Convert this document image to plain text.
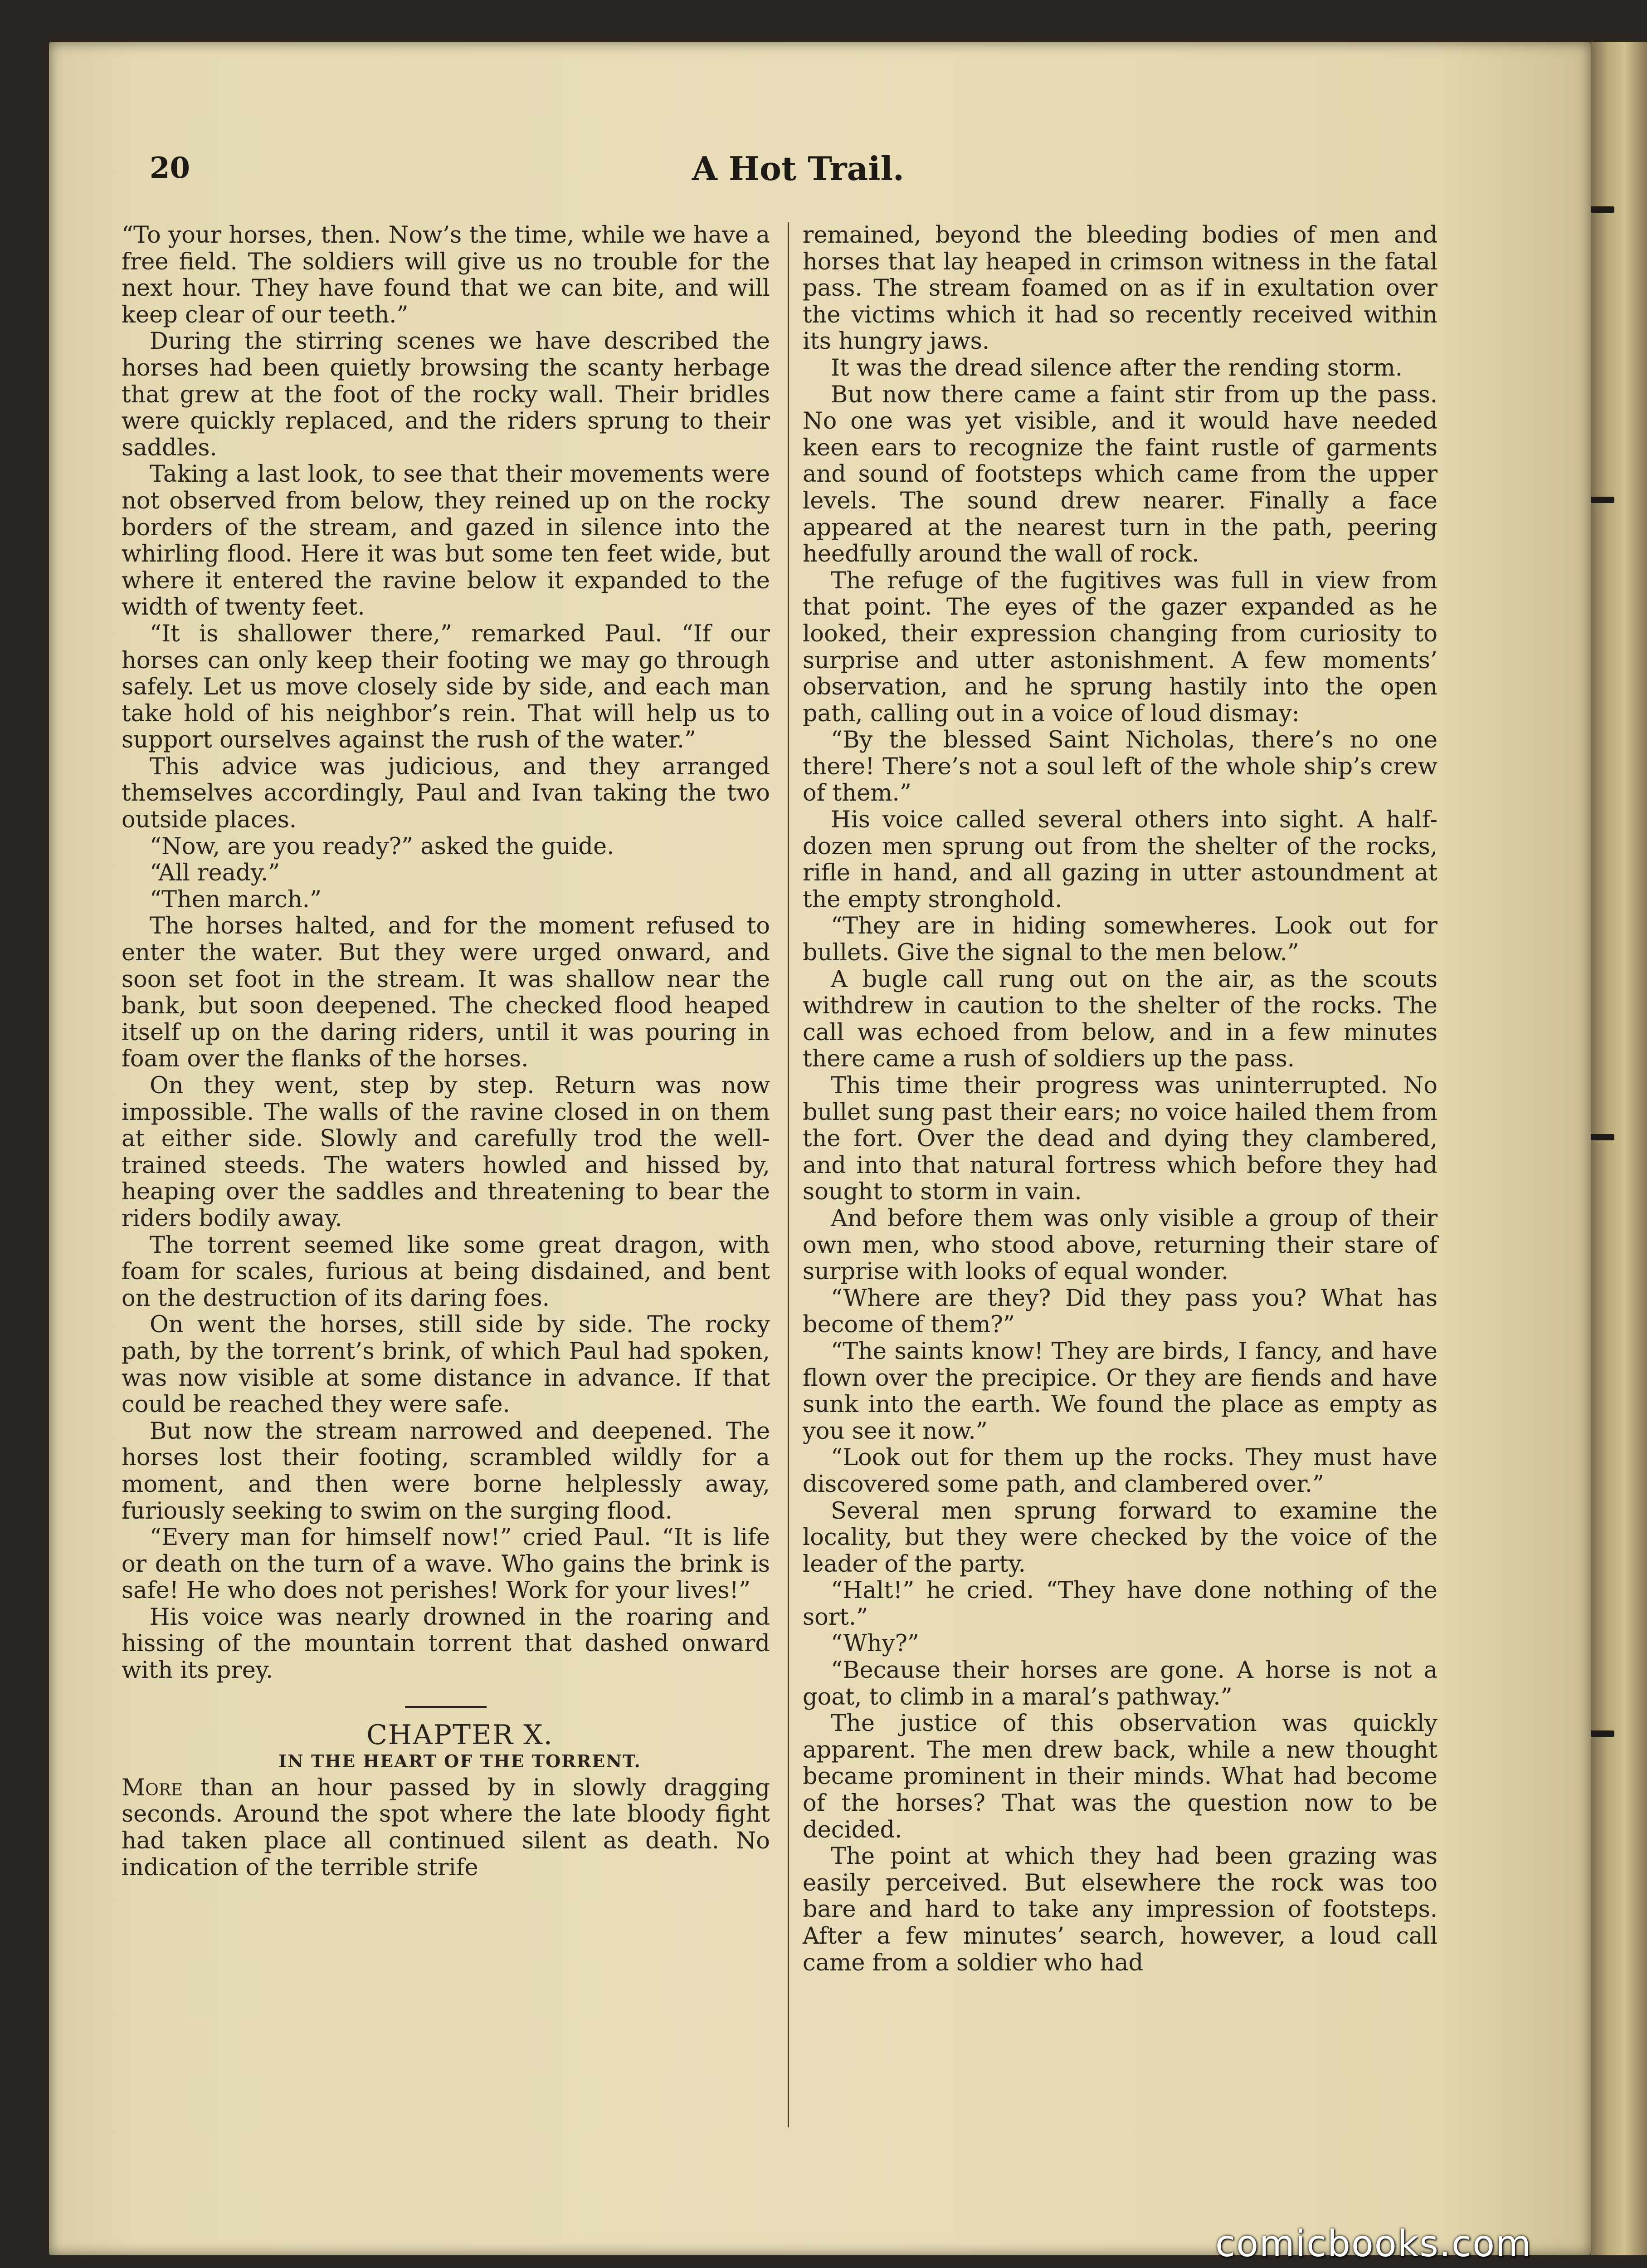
20	A Hot Trail.

“To your horses, then. Now’s the time, while we have a free field. The soldiers will give us no trouble for the next hour. They have found that we can bite, and will keep clear of our teeth.”

During the stirring scenes we have described the horses had been quietly browsing the scanty herbage that grew at the foot of the rocky wall. Their bridles were quickly replaced, and the riders sprung to their saddles.

Taking a last look, to see that their movements were not observed from below, they reined up on the rocky borders of the stream, and gazed in silence into the whirling flood. Here it was but some ten feet wide, but where it entered the ravine below it expanded to the width of twenty feet.

“It is shallower there,” remarked Paul. “If our horses can only keep their footing we may go through safely. Let us move closely side by side, and each man take hold of his neighbor’s rein. That will help us to support ourselves against the rush of the water.”

This advice was judicious, and they arranged themselves accordingly, Paul and Ivan taking the two outside places.

“Now, are you ready?” asked the guide.

“All ready.”

“Then march.”

The horses halted, and for the moment refused to enter the water. But they were urged onward, and soon set foot in the stream. It was shallow near the bank, but soon deepened. The checked flood heaped itself up on the daring riders, until it was pouring in foam over the flanks of the horses.

On they went, step by step. Return was now impossible. The walls of the ravine closed in on them at either side. Slowly and carefully trod the well-trained steeds. The waters howled and hissed by, heaping over the saddles and threatening to bear the riders bodily away.

The torrent seemed like some great dragon, with foam for scales, furious at being disdained, and bent on the destruction of its daring foes.

On went the horses, still side by side. The rocky path, by the torrent’s brink, of which Paul had spoken, was now visible at some distance in advance. If that could be reached they were safe.

But now the stream narrowed and deepened. The horses lost their footing, scrambled wildly for a moment, and then were borne helplessly away, furiously seeking to swim on the surging flood.

“Every man for himself now!” cried Paul. “It is life or death on the turn of a wave. Who gains the brink is safe! He who does not perishes! Work for your lives!”

His voice was nearly drowned in the roaring and hissing of the mountain torrent that dashed onward with its prey.

CHAPTER X.

IN THE HEART OF THE TORRENT.

More than an hour passed by in slowly dragging seconds. Around the spot where the late bloody fight had taken place all continued silent as death. No indication of the terrible strife

remained, beyond the bleeding bodies of men and horses that lay heaped in crimson witness in the fatal pass. The stream foamed on as if in exultation over the victims which it had so recently received within its hungry jaws.

It was the dread silence after the rending storm.

But now there came a faint stir from up the pass. No one was yet visible, and it would have needed keen ears to recognize the faint rustle of garments and sound of footsteps which came from the upper levels. The sound drew nearer. Finally a face appeared at the nearest turn in the path, peering heedfully around the wall of rock.

The refuge of the fugitives was full in view from that point. The eyes of the gazer expanded as he looked, their expression changing from curiosity to surprise and utter astonishment. A few moments’ observation, and he sprung hastily into the open path, calling out in a voice of loud dismay:

“By the blessed Saint Nicholas, there’s no one there! There’s not a soul left of the whole ship’s crew of them.”

His voice called several others into sight. A half-dozen men sprung out from the shelter of the rocks, rifle in hand, and all gazing in utter astoundment at the empty stronghold.

“They are in hiding somewheres. Look out for bullets. Give the signal to the men below.”

A bugle call rung out on the air, as the scouts withdrew in caution to the shelter of the rocks. The call was echoed from below, and in a few minutes there came a rush of soldiers up the pass.

This time their progress was uninterrupted. No bullet sung past their ears; no voice hailed them from the fort. Over the dead and dying they clambered, and into that natural fortress which before they had sought to storm in vain.

And before them was only visible a group of their own men, who stood above, returning their stare of surprise with looks of equal wonder.

“Where are they? Did they pass you? What has become of them?”

“The saints know! They are birds, I fancy, and have flown over the precipice. Or they are fiends and have sunk into the earth. We found the place as empty as you see it now.”

“Look out for them up the rocks. They must have discovered some path, and clambered over.”

Several men sprung forward to examine the locality, but they were checked by the voice of the leader of the party.

“Halt!” he cried. “They have done nothing of the sort.”

“Why?”

“Because their horses are gone. A horse is not a goat, to climb in a maral’s pathway.”

The justice of this observation was quickly apparent. The men drew back, while a new thought became prominent in their minds. What had become of the horses? That was the question now to be decided.

The point at which they had been grazing was easily perceived. But elsewhere the rock was too bare and hard to take any impression of footsteps. After a few minutes’ search, however, a loud call came from a soldier who had

comicbooks.com
